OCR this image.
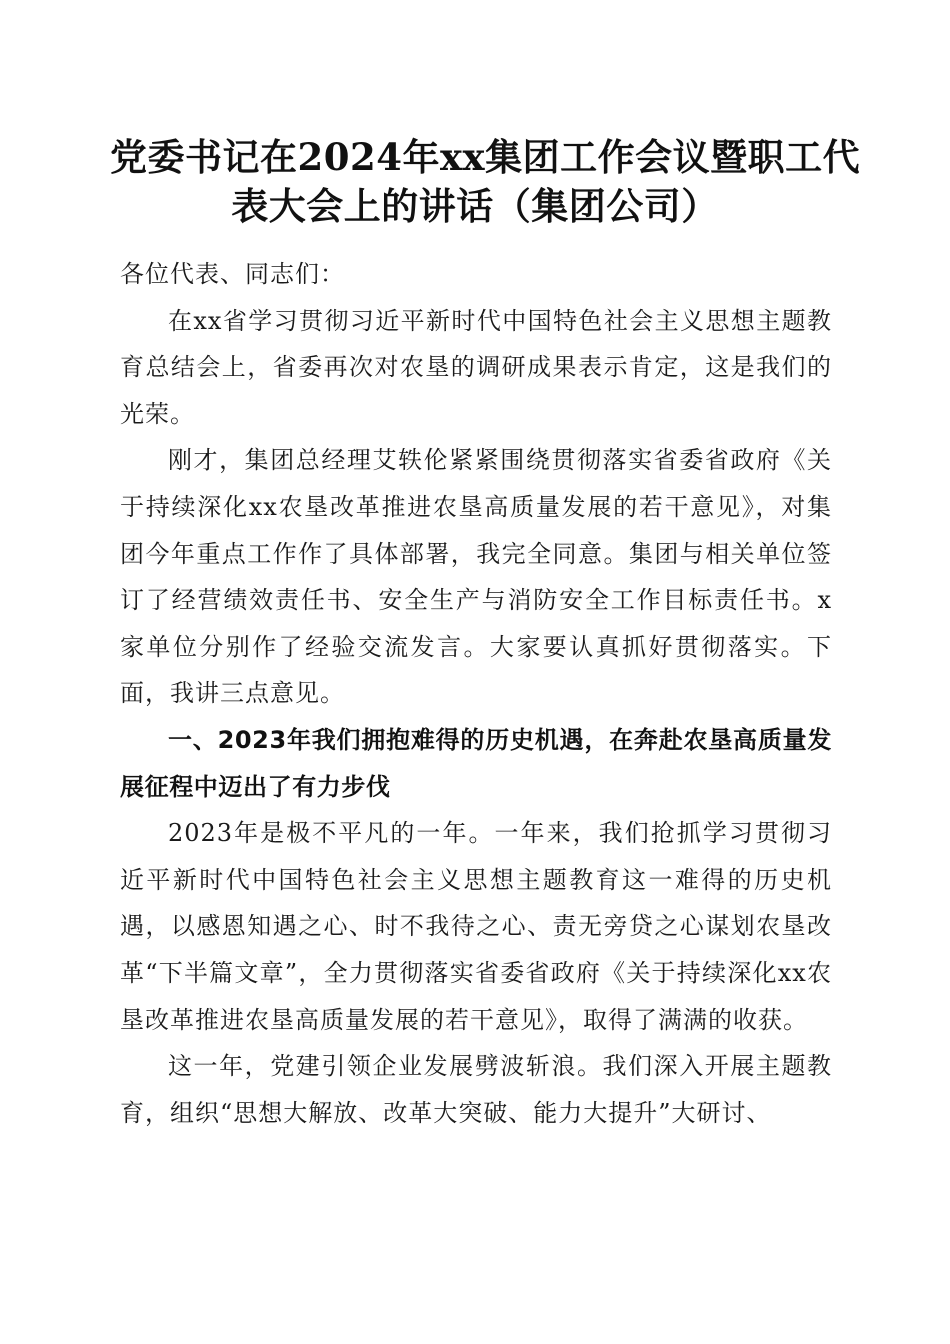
党委书记在2024年xx集团工作会议暨职工代
表大会上的讲话（集团公司）

各位代表、同志们：

在xx省学习贯彻习近平新时代中国特色社会主义思想主题教育总结会上，省委再次对农垦的调研成果表示肯定，这是我们的光荣。

刚才，集团总经理艾轶伦紧紧围绕贯彻落实省委省政府《关于持续深化xx农垦改革推进农垦高质量发展的若干意见》，对集团今年重点工作作了具体部署，我完全同意。集团与相关单位签订了经营绩效责任书、安全生产与消防安全工作目标责任书。x家单位分别作了经验交流发言。大家要认真抓好贯彻落实。下面，我讲三点意见。

一、2023年我们拥抱难得的历史机遇，在奔赴农垦高质量发展征程中迈出了有力步伐

2023年是极不平凡的一年。一年来，我们抢抓学习贯彻习近平新时代中国特色社会主义思想主题教育这一难得的历史机遇，以感恩知遇之心、时不我待之心、责无旁贷之心谋划农垦改革“下半篇文章”，全力贯彻落实省委省政府《关于持续深化xx农垦改革推进农垦高质量发展的若干意见》，取得了满满的收获。

这一年，党建引领企业发展劈波斩浪。我们深入开展主题教育，组织“思想大解放、改革大突破、能力大提升”大研讨、
